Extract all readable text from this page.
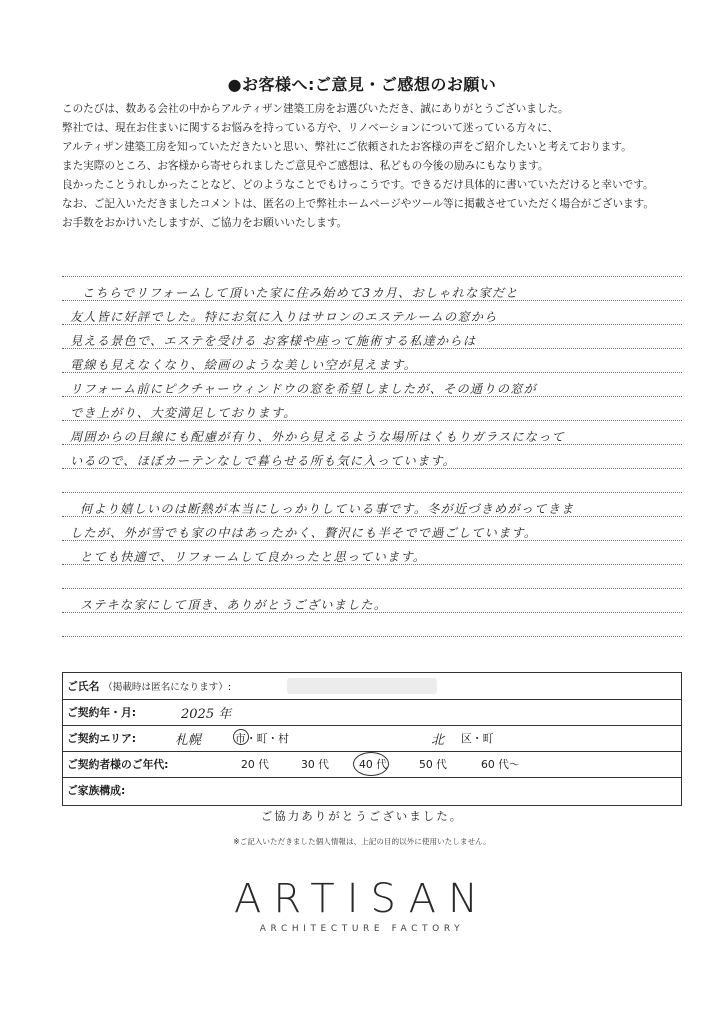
●お客様へ:ご意見・ご感想のお願い
このたびは、数ある会社の中からアルティザン建築工房をお選びいただき、誠にありがとうございました。
弊社では、現在お住まいに関するお悩みを持っている方や、リノベーションについて迷っている方々に、
アルティザン建築工房を知っていただきたいと思い、弊社にご依頼されたお客様の声をご紹介したいと考えております。
また実際のところ、お客様から寄せられましたご意見やご感想は、私どもの今後の励みにもなります。
良かったことうれしかったことなど、どのようなことでもけっこうです。できるだけ具体的に書いていただけると幸いです。
なお、ご記入いただきましたコメントは、匿名の上で弊社ホームページやツール等に掲載させていただく場合がございます。
お手数をおかけいたしますが、ご協力をお願いいたします。
こちらでリフォームして頂いた家に住み始めて3カ月、おしゃれな家だと
友人皆に好評でした。特にお気に入りはサロンのエステルームの窓から
見える景色で、エステを受ける お客様や座って施術する私達からは
電線も見えなくなり、絵画のような美しい空が見えます。
リフォーム前にピクチャーウィンドウの窓を希望しましたが、その通りの窓が
でき上がり、大変満足しております。
周囲からの目線にも配慮が有り、外から見えるような場所はくもりガラスになって
いるので、ほぼカーテンなしで暮らせる所も気に入っています。
何より嬉しいのは断熱が本当にしっかりしている事です。冬が近づきめがってきま
したが、外が雪でも家の中はあったかく、贅沢にも半そでで過ごしています。
とても快適で、リフォームして良かったと思っています。
ステキな家にして頂き、ありがとうございました。
ご氏名 （掲載時は匿名になります）:
ご契約年・月:	2025 年
ご契約エリア:	札幌	市・町・村	北 区・町
ご契約者様のご年代:	20 代	30 代	40 代	50 代	60 代〜
ご家族構成:
ご協力ありがとうございました。
※ご記入いただきました個人情報は、上記の目的以外に使用いたしません。
ARTISAN
ARCHITECTURE FACTORY
